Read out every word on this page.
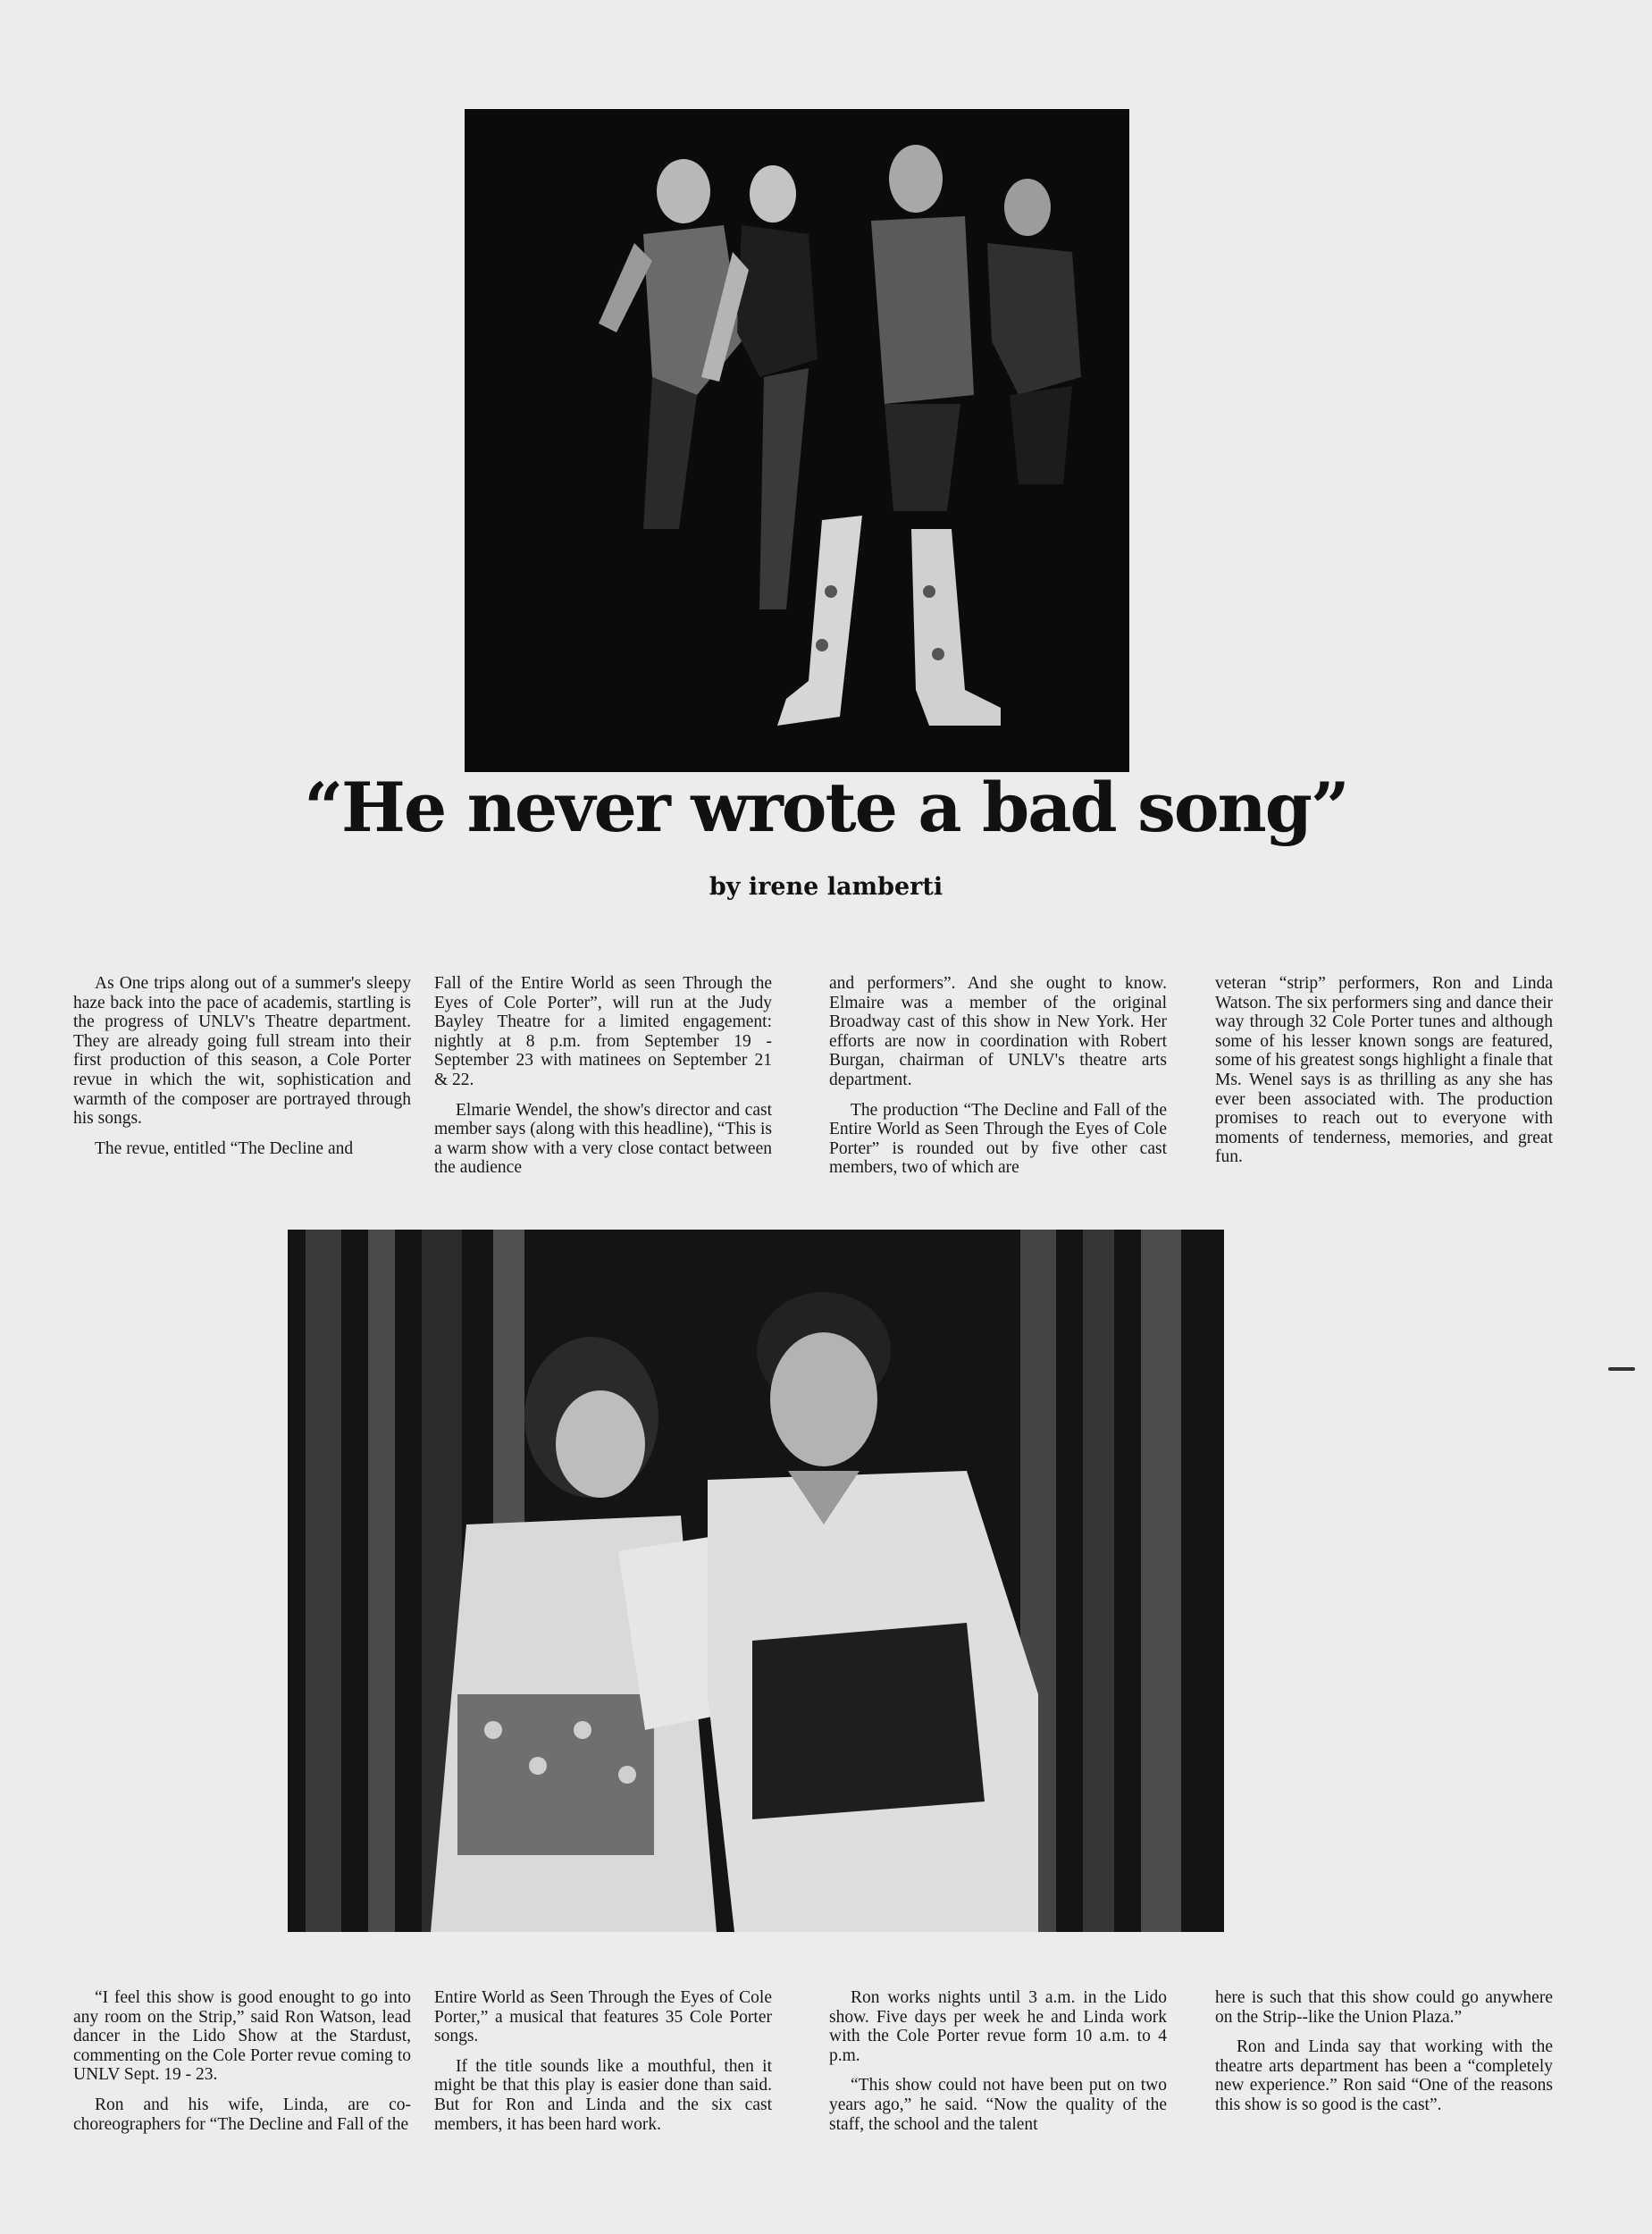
“He never wrote a bad song”
by irene lamberti

As One trips along out of a summer's sleepy haze back into the pace of academis, startling is the progress of UNLV's Theatre department. They are already going full stream into their first production of this season, a Cole Porter revue in which the wit, sophistication and warmth of the composer are portrayed through his songs.

The revue, entitled “The Decline and

Fall of the Entire World as seen Through the Eyes of Cole Porter”, will run at the Judy Bayley Theatre for a limited engagement: nightly at 8 p.m. from September 19 - September 23 with matinees on September 21 & 22.

Elmarie Wendel, the show's director and cast member says (along with this headline), “This is a warm show with a very close contact between the audience

and performers”. And she ought to know. Elmaire was a member of the original Broadway cast of this show in New York. Her efforts are now in coordination with Robert Burgan, chairman of UNLV's theatre arts department.

The production “The Decline and Fall of the Entire World as Seen Through the Eyes of Cole Porter” is rounded out by five other cast members, two of which are

veteran “strip” performers, Ron and Linda Watson. The six performers sing and dance their way through 32 Cole Porter tunes and although some of his lesser known songs are featured, some of his greatest songs highlight a finale that Ms. Wenel says is as thrilling as any she has ever been associated with. The production promises to reach out to everyone with moments of tenderness, memories, and great fun.

“I feel this show is good enought to go into any room on the Strip,” said Ron Watson, lead dancer in the Lido Show at the Stardust, commenting on the Cole Porter revue coming to UNLV Sept. 19 - 23.

Ron and his wife, Linda, are co-choreographers for “The Decline and Fall of the

Entire World as Seen Through the Eyes of Cole Porter,” a musical that features 35 Cole Porter songs.

If the title sounds like a mouthful, then it might be that this play is easier done than said. But for Ron and Linda and the six cast members, it has been hard work.

Ron works nights until 3 a.m. in the Lido show. Five days per week he and Linda work with the Cole Porter revue form 10 a.m. to 4 p.m.

“This show could not have been put on two years ago,” he said. “Now the quality of the staff, the school and the talent

here is such that this show could go anywhere on the Strip--like the Union Plaza.”

Ron and Linda say that working with the theatre arts department has been a “completely new experience.” Ron said “One of the reasons this show is so good is the cast”.
